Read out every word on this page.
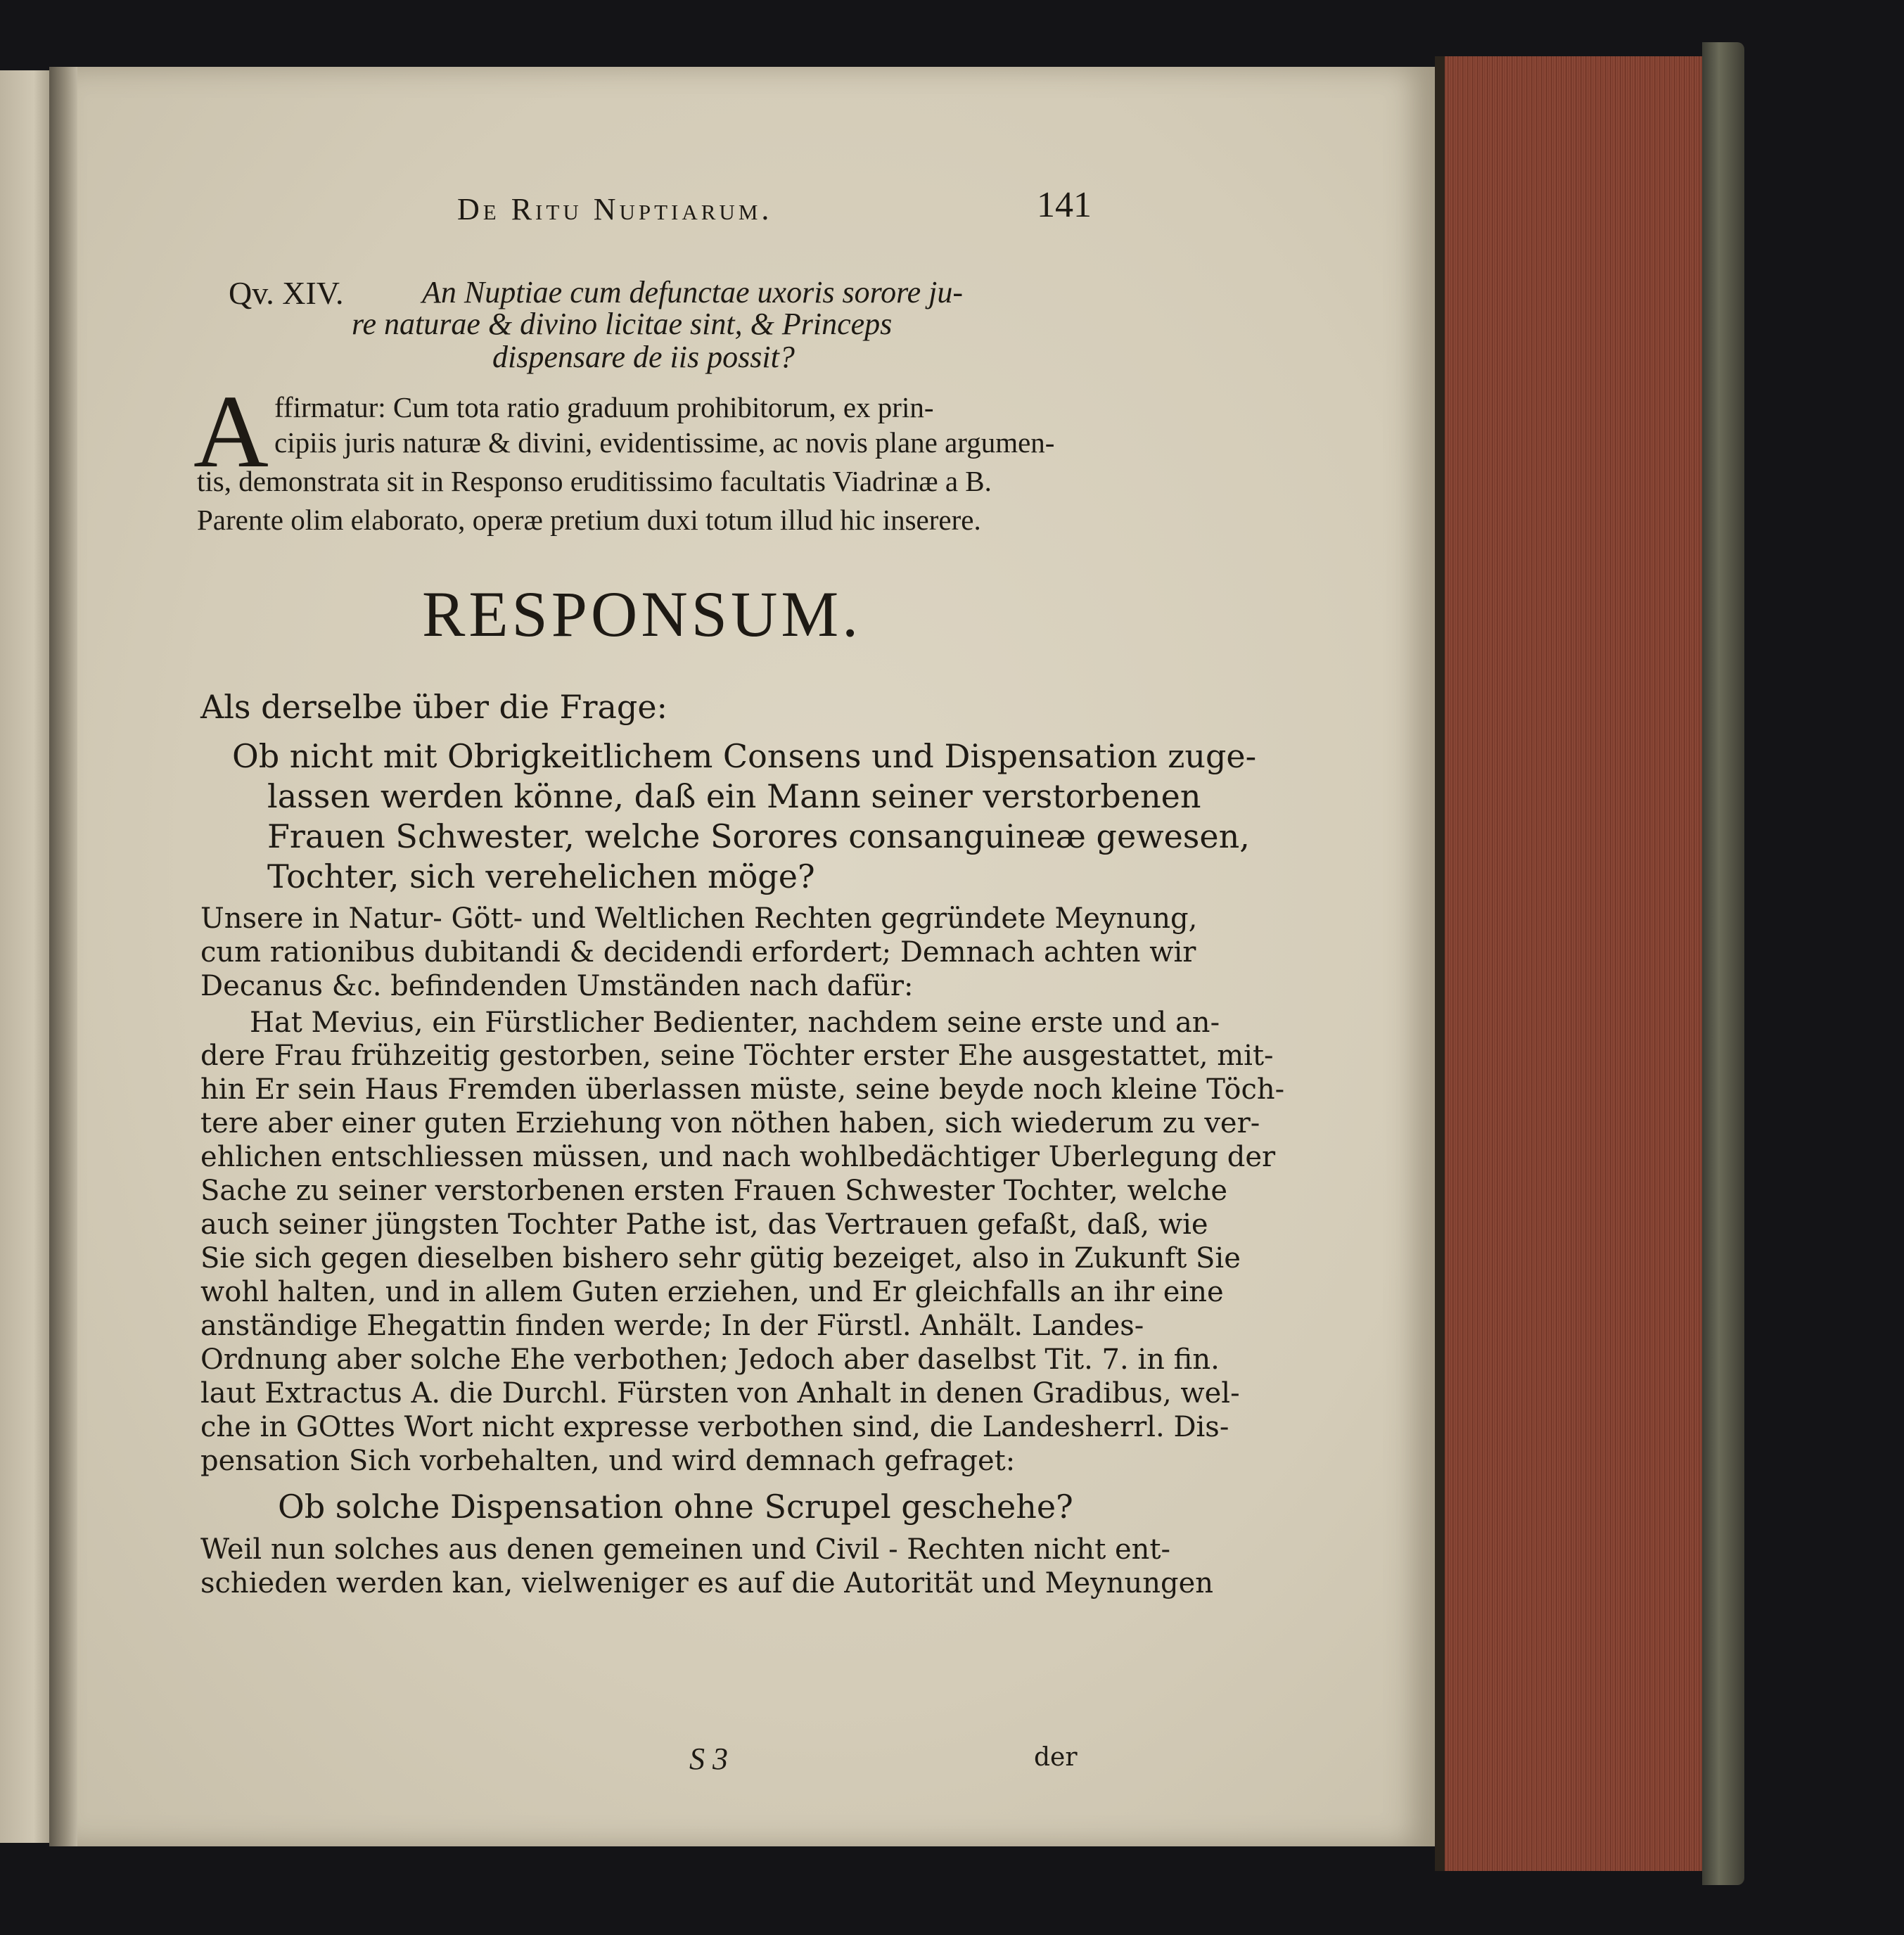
De Ritu Nuptiarum.	141
Qv. XIV.	An Nuptiae cum defunctae uxoris sorore ju-
re naturae & divino licitae sint, & Princeps
dispensare de iis possit?
A ffirmatur: Cum tota ratio graduum prohibitorum, ex prin-
cipiis juris naturæ & divini, evidentissime, ac novis plane argumen-
tis, demonstrata sit in Responso eruditissimo facultatis Viadrinæ a B.
Parente olim elaborato, operæ pretium duxi totum illud hic inserere.
RESPONSUM.
Als derselbe über die Frage:
Ob nicht mit Obrigkeitlichem Consens und Dispensation zuge-
lassen werden könne, daß ein Mann seiner verstorbenen
Frauen Schwester, welche Sorores consanguineæ gewesen,
Tochter, sich verehelichen möge?
Unsere in Natur- Gött- und Weltlichen Rechten gegründete Meynung,
cum rationibus dubitandi & decidendi erfordert; Demnach achten wir
Decanus &c. befindenden Umständen nach dafür:
Hat Mevius, ein Fürstlicher Bedienter, nachdem seine erste und an-
dere Frau frühzeitig gestorben, seine Töchter erster Ehe ausgestattet, mit-
hin Er sein Haus Fremden überlassen müste, seine beyde noch kleine Töch-
tere aber einer guten Erziehung von nöthen haben, sich wiederum zu ver-
ehlichen entschliessen müssen, und nach wohlbedächtiger Uberlegung der
Sache zu seiner verstorbenen ersten Frauen Schwester Tochter, welche
auch seiner jüngsten Tochter Pathe ist, das Vertrauen gefaßt, daß, wie
Sie sich gegen dieselben bishero sehr gütig bezeiget, also in Zukunft Sie
wohl halten, und in allem Guten erziehen, und Er gleichfalls an ihr eine
anständige Ehegattin finden werde; In der Fürstl. Anhält. Landes-
Ordnung aber solche Ehe verbothen; Jedoch aber daselbst Tit. 7. in fin.
laut Extractus A. die Durchl. Fürsten von Anhalt in denen Gradibus, wel-
che in GOttes Wort nicht expresse verbothen sind, die Landesherrl. Dis-
pensation Sich vorbehalten, und wird demnach gefraget:
Ob solche Dispensation ohne Scrupel geschehe?
Weil nun solches aus denen gemeinen und Civil - Rechten nicht ent-
schieden werden kan, vielweniger es auf die Autorität und Meynungen
S 3	der
